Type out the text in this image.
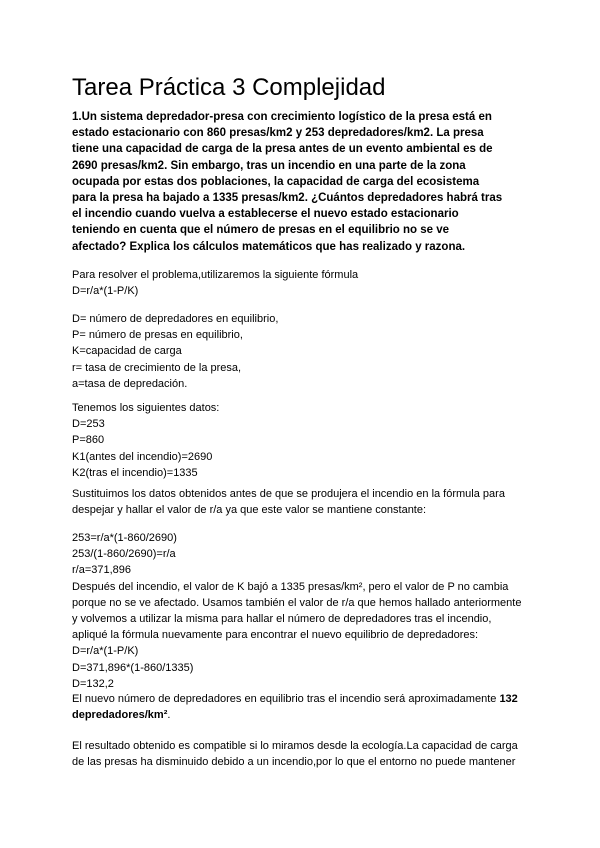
Tarea Práctica 3 Complejidad
1.Un sistema depredador-presa con crecimiento logístico de la presa está en
estado estacionario con 860 presas/km2 y 253 depredadores/km2. La presa
tiene una capacidad de carga de la presa antes de un evento ambiental es de
2690 presas/km2. Sin embargo, tras un incendio en una parte de la zona
ocupada por estas dos poblaciones, la capacidad de carga del ecosistema
para la presa ha bajado a 1335 presas/km2. ¿Cuántos depredadores habrá tras
el incendio cuando vuelva a establecerse el nuevo estado estacionario
teniendo en cuenta que el número de presas en el equilibrio no se ve
afectado? Explica los cálculos matemáticos que has realizado y razona.
Para resolver el problema,utilizaremos la siguiente fórmula
D=r/a*(1-P/K)
D= número de depredadores en equilibrio,
P= número de presas en equilibrio,
K=capacidad de carga
r= tasa de crecimiento de la presa,
a=tasa de depredación.
Tenemos los siguientes datos:
D=253
P=860
K1(antes del incendio)=2690
K2(tras el incendio)=1335
Sustituimos los datos obtenidos antes de que se produjera el incendio en la fórmula para
despejar y hallar el valor de r/a ya que este valor se mantiene constante:
253=r/a*(1-860/2690)
253/(1-860/2690)=r/a
r/a=371,896
Después del incendio, el valor de K bajó a 1335 presas/km², pero el valor de P no cambia
porque no se ve afectado. Usamos también el valor de r/a que hemos hallado anteriormente
y volvemos a utilizar la misma para hallar el número de depredadores tras el incendio,
apliqué la fórmula nuevamente para encontrar el nuevo equilibrio de depredadores:
D=r/a*(1-P/K)
D=371,896*(1-860/1335)
D=132,2
El nuevo número de depredadores en equilibrio tras el incendio será aproximadamente 132
depredadores/km².
El resultado obtenido es compatible si lo miramos desde la ecología.La capacidad de carga
de las presas ha disminuido debido a un incendio,por lo que el entorno no puede mantener
